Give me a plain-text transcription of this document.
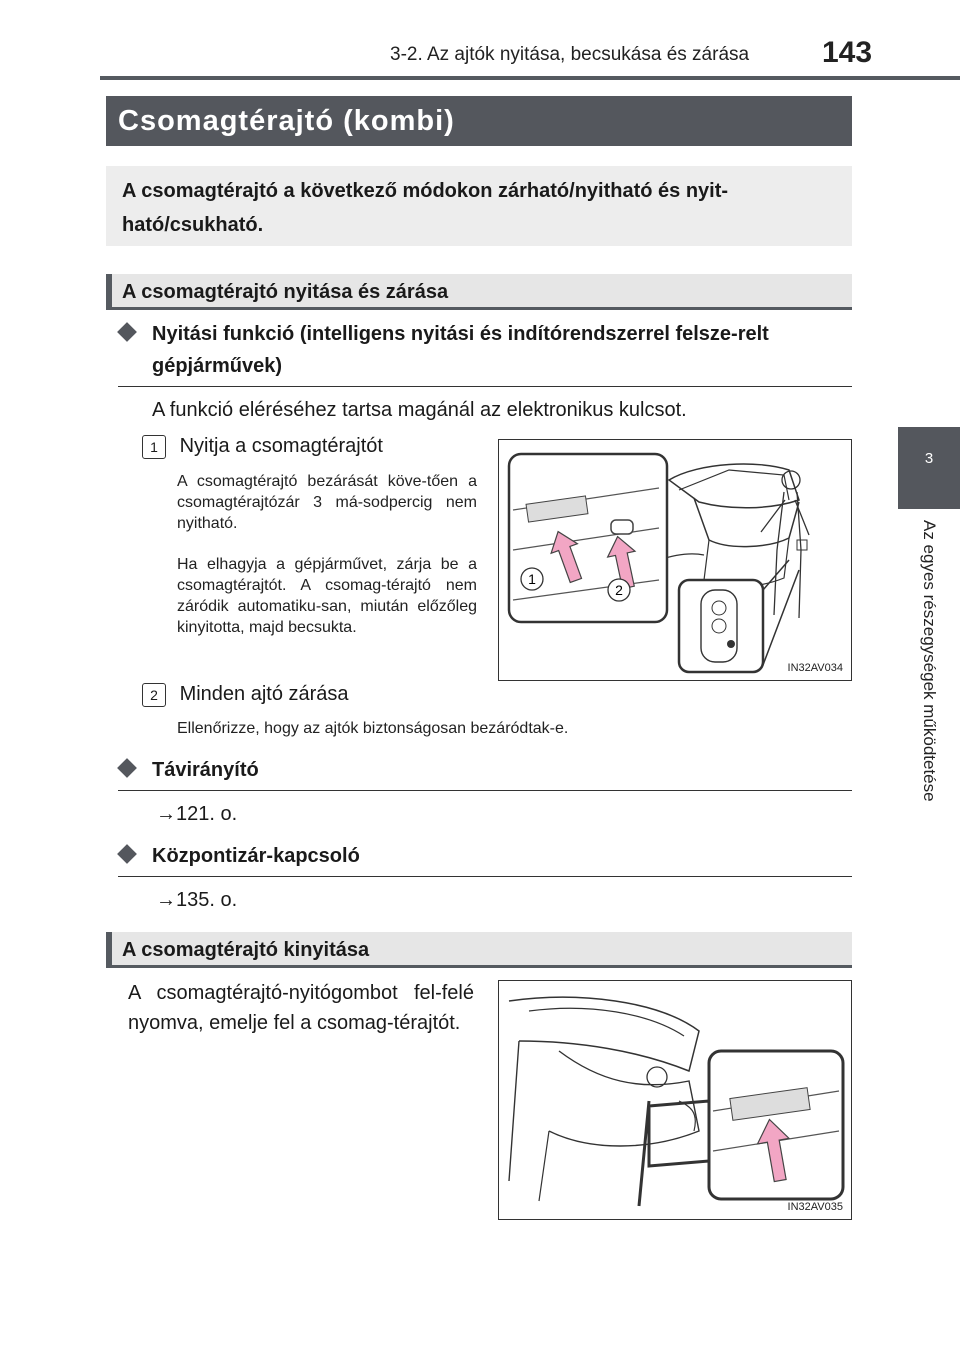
3-2. Az ajtók nyitása, becsukása és zárása 143
3
Az egyes részegységek működtetése
Csomagtérajtó (kombi)
A csomagtérajtó a következő módokon zárható/nyitható és nyit-ható/csukható.
A csomagtérajtó nyitása és zárása
Nyitási funkció (intelligens nyitási és indítórendszerrel felsze-relt gépjárművek)
A funkció eléréséhez tartsa magánál az elektronikus kulcsot.
1 Nyitja a csomagtérajtót
A csomagtérajtó bezárását köve-tően a csomagtérajtózár 3 má-sodpercig nem nyitható.
Ha elhagyja a gépjárművet, zárja be a csomagtérajtót. A csomag-térajtó nem záródik automatiku-san, miután előzőleg kinyitotta, majd becsukta.
1
2
IN32AV034
2 Minden ajtó zárása
Ellenőrizze, hogy az ajtók biztonságosan bezáródtak-e.
Távirányító
→121. o.
Központizár-kapcsoló
→135. o.
A csomagtérajtó kinyitása
A csomagtérajtó-nyitógombot fel-felé nyomva, emelje fel a csomag-térajtót.
IN32AV035
